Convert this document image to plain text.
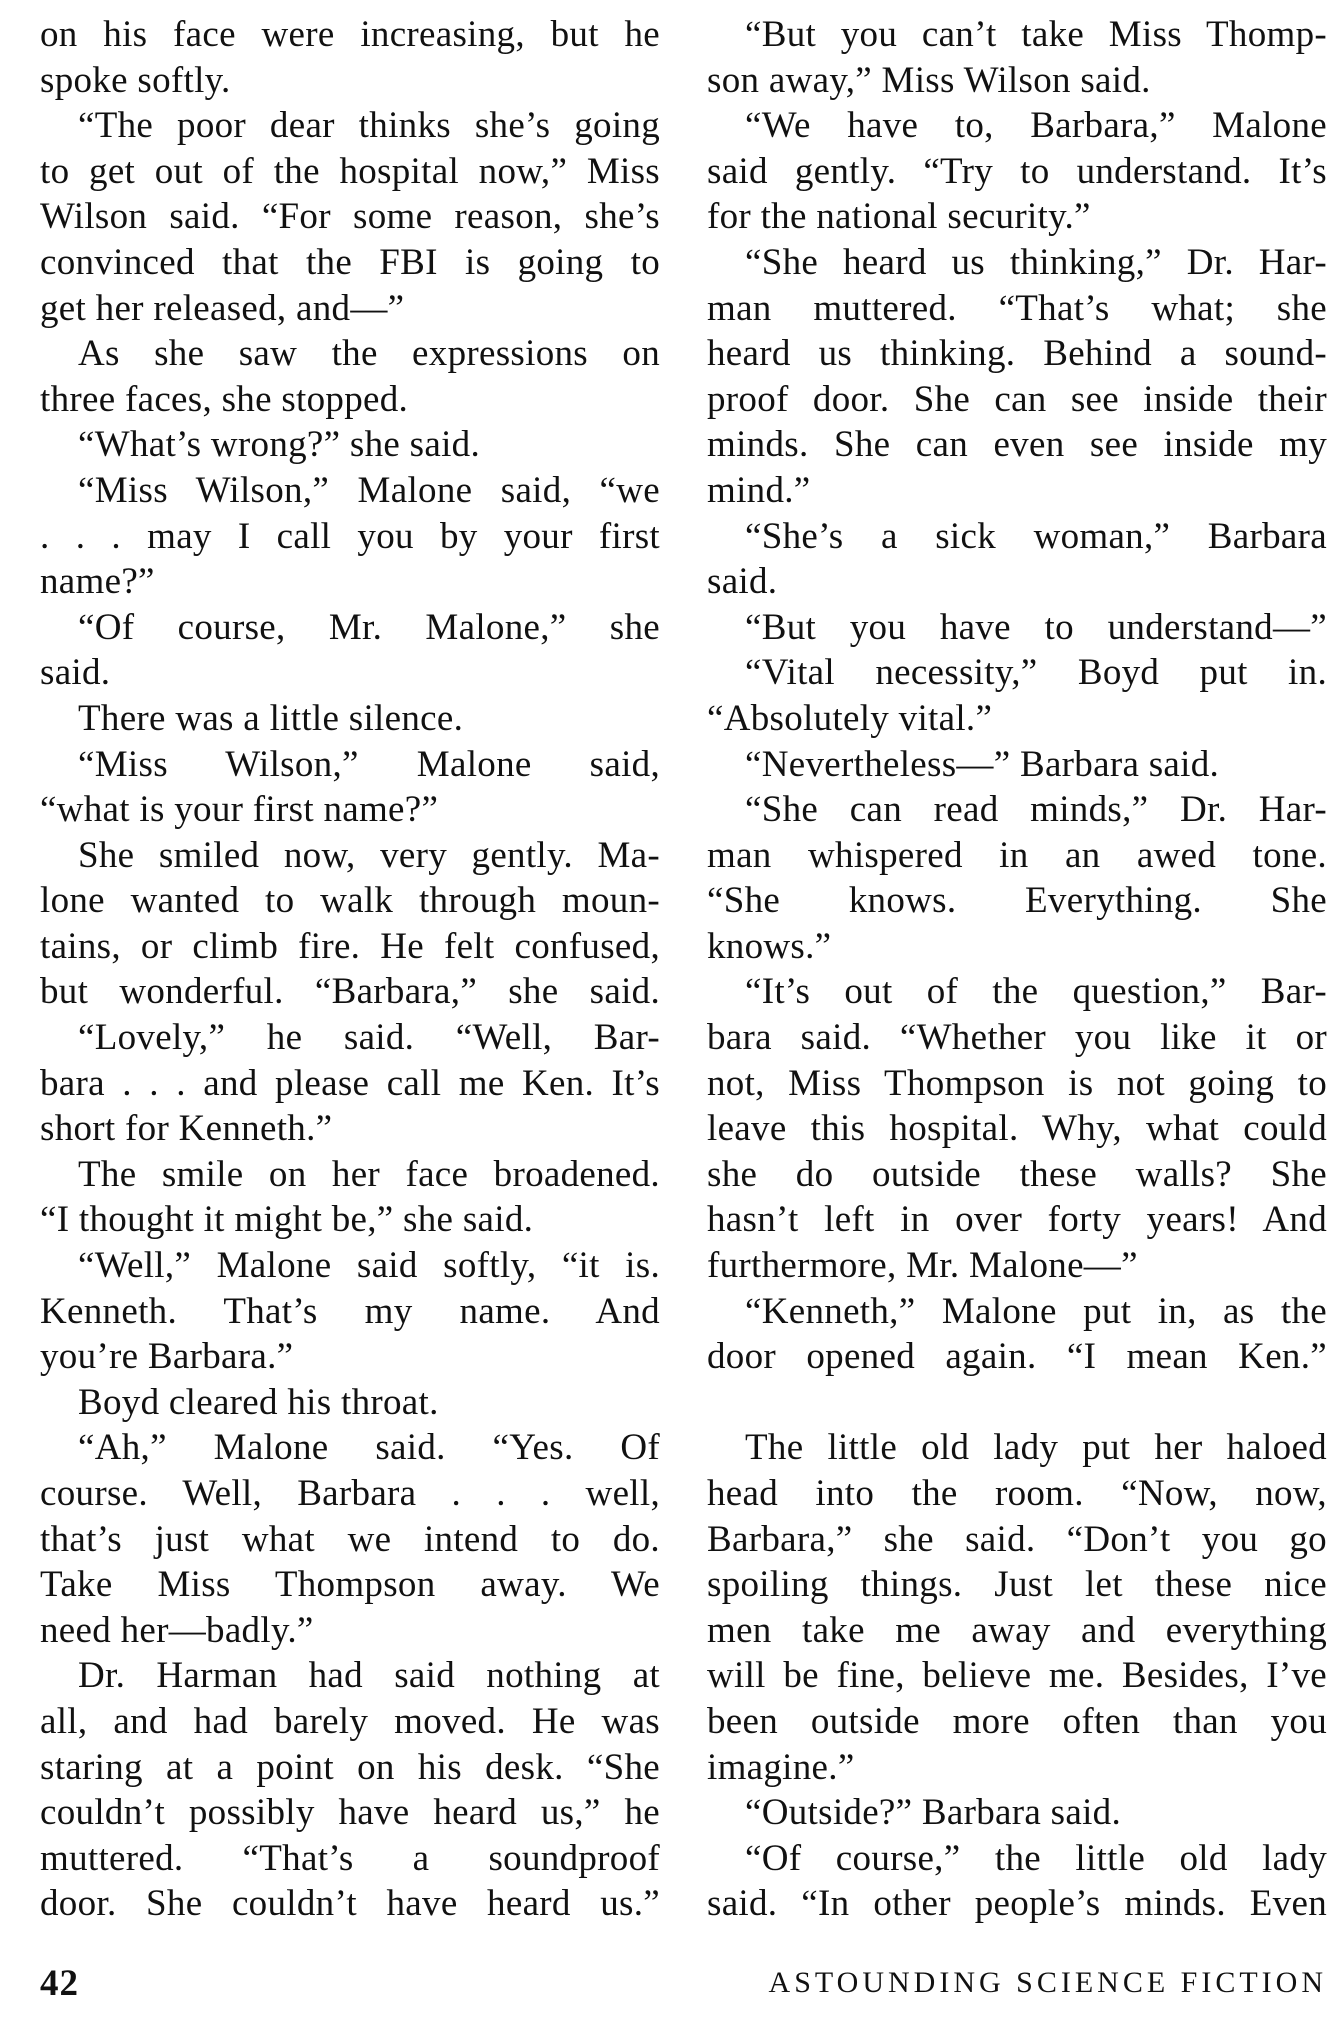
on his face were increasing, but he
spoke softly.
“The poor dear thinks she’s going
to get out of the hospital now,” Miss
Wilson said. “For some reason, she’s
convinced that the FBI is going to
get her released, and—”
As she saw the expressions on
three faces, she stopped.
“What’s wrong?” she said.
“Miss Wilson,” Malone said, “we
. . . may I call you by your first
name?”
“Of course, Mr. Malone,” she
said.
There was a little silence.
“Miss Wilson,” Malone said,
“what is your first name?”
She smiled now, very gently. Ma-
lone wanted to walk through moun-
tains, or climb fire. He felt confused,
but wonderful. “Barbara,” she said.
“Lovely,” he said. “Well, Bar-
bara . . . and please call me Ken. It’s
short for Kenneth.”
The smile on her face broadened.
“I thought it might be,” she said.
“Well,” Malone said softly, “it is.
Kenneth. That’s my name. And
you’re Barbara.”
Boyd cleared his throat.
“Ah,” Malone said. “Yes. Of
course. Well, Barbara . . . well,
that’s just what we intend to do.
Take Miss Thompson away. We
need her—badly.”
Dr. Harman had said nothing at
all, and had barely moved. He was
staring at a point on his desk. “She
couldn’t possibly have heard us,” he
muttered. “That’s a soundproof
door. She couldn’t have heard us.”
“But you can’t take Miss Thomp-
son away,” Miss Wilson said.
“We have to, Barbara,” Malone
said gently. “Try to understand. It’s
for the national security.”
“She heard us thinking,” Dr. Har-
man muttered. “That’s what; she
heard us thinking. Behind a sound-
proof door. She can see inside their
minds. She can even see inside my
mind.”
“She’s a sick woman,” Barbara
said.
“But you have to understand—”
“Vital necessity,” Boyd put in.
“Absolutely vital.”
“Nevertheless—” Barbara said.
“She can read minds,” Dr. Har-
man whispered in an awed tone.
“She knows. Everything. She
knows.”
“It’s out of the question,” Bar-
bara said. “Whether you like it or
not, Miss Thompson is not going to
leave this hospital. Why, what could
she do outside these walls? She
hasn’t left in over forty years! And
furthermore, Mr. Malone—”
“Kenneth,” Malone put in, as the
door opened again. “I mean Ken.”
The little old lady put her haloed
head into the room. “Now, now,
Barbara,” she said. “Don’t you go
spoiling things. Just let these nice
men take me away and everything
will be fine, believe me. Besides, I’ve
been outside more often than you
imagine.”
“Outside?” Barbara said.
“Of course,” the little old lady
said. “In other people’s minds. Even
42	ASTOUNDING SCIENCE FICTION
